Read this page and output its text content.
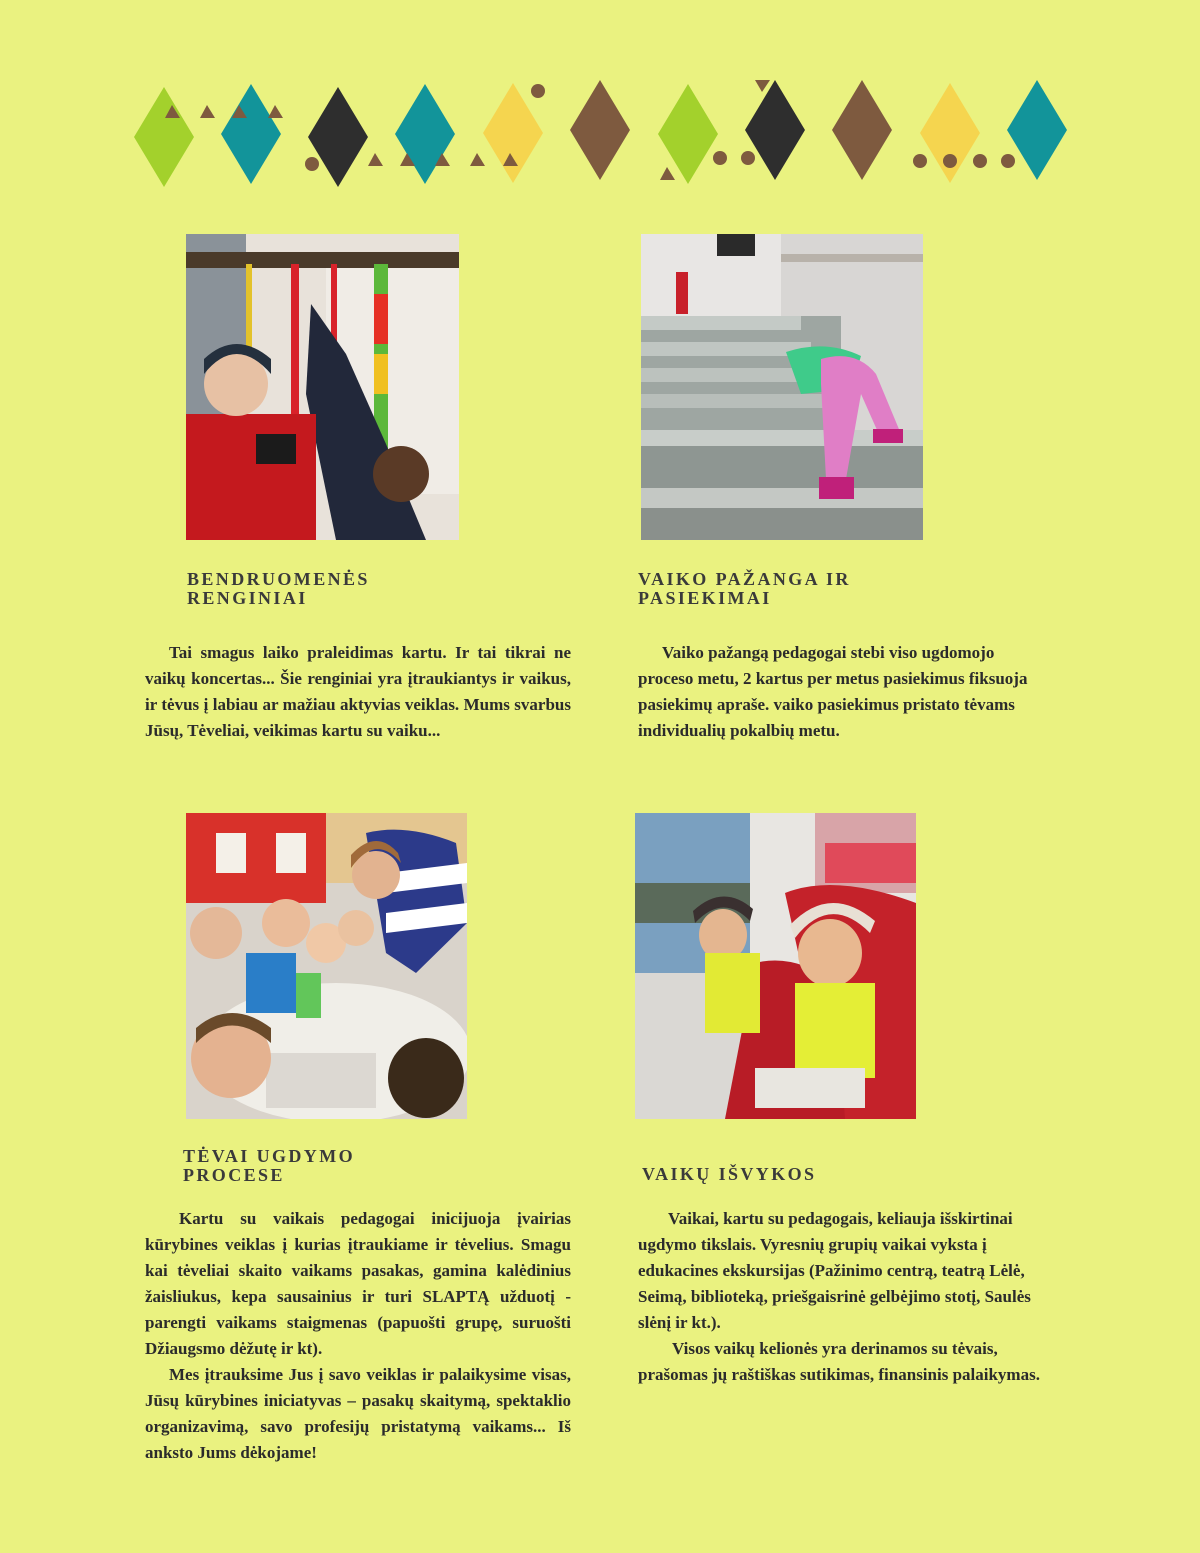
BENDRUOMENĖS
RENGINIAI

Tai smagus laiko praleidimas kartu. Ir tai tikrai ne vaikų koncertas... Šie renginiai yra įtraukiantys ir vaikus, ir tėvus į labiau ar mažiau aktyvias veiklas. Mums svarbus Jūsų, Tėveliai, veikimas kartu su vaiku...

VAIKO PAŽANGA IR
PASIEKIMAI

Vaiko pažangą pedagogai stebi viso ugdomojo proceso metu, 2 kartus per metus pasiekimus fiksuoja pasiekimų apraše. vaiko pasiekimus pristato tėvams individualių pokalbių metu.

TĖVAI UGDYMO
PROCESE

Kartu su vaikais pedagogai inicijuoja įvairias kūrybines veiklas į kurias įtraukiame ir tėvelius. Smagu kai tėveliai skaito vaikams pasakas, gamina kalėdinius žaisliukus, kepa sausainius ir turi SLAPTĄ užduotį - parengti vaikams staigmenas (papuošti grupę, suruošti Džiaugsmo dėžutę ir kt).

Mes įtrauksime Jus į savo veiklas ir palaikysime visas, Jūsų kūrybines iniciatyvas – pasakų skaitymą, spektaklio organizavimą, savo profesijų pristatymą vaikams... Iš anksto Jums dėkojame!

VAIKŲ IŠVYKOS

Vaikai, kartu su pedagogais, keliauja išskirtinai ugdymo tikslais. Vyresnių grupių vaikai vyksta į edukacines ekskursijas (Pažinimo centrą, teatrą Lėlė, Seimą, biblioteką, priešgaisrinė gelbėjimo stotį, Saulės slėnį ir kt.).

Visos vaikų kelionės yra derinamos su tėvais, prašomas jų raštiškas sutikimas, finansinis palaikymas.
